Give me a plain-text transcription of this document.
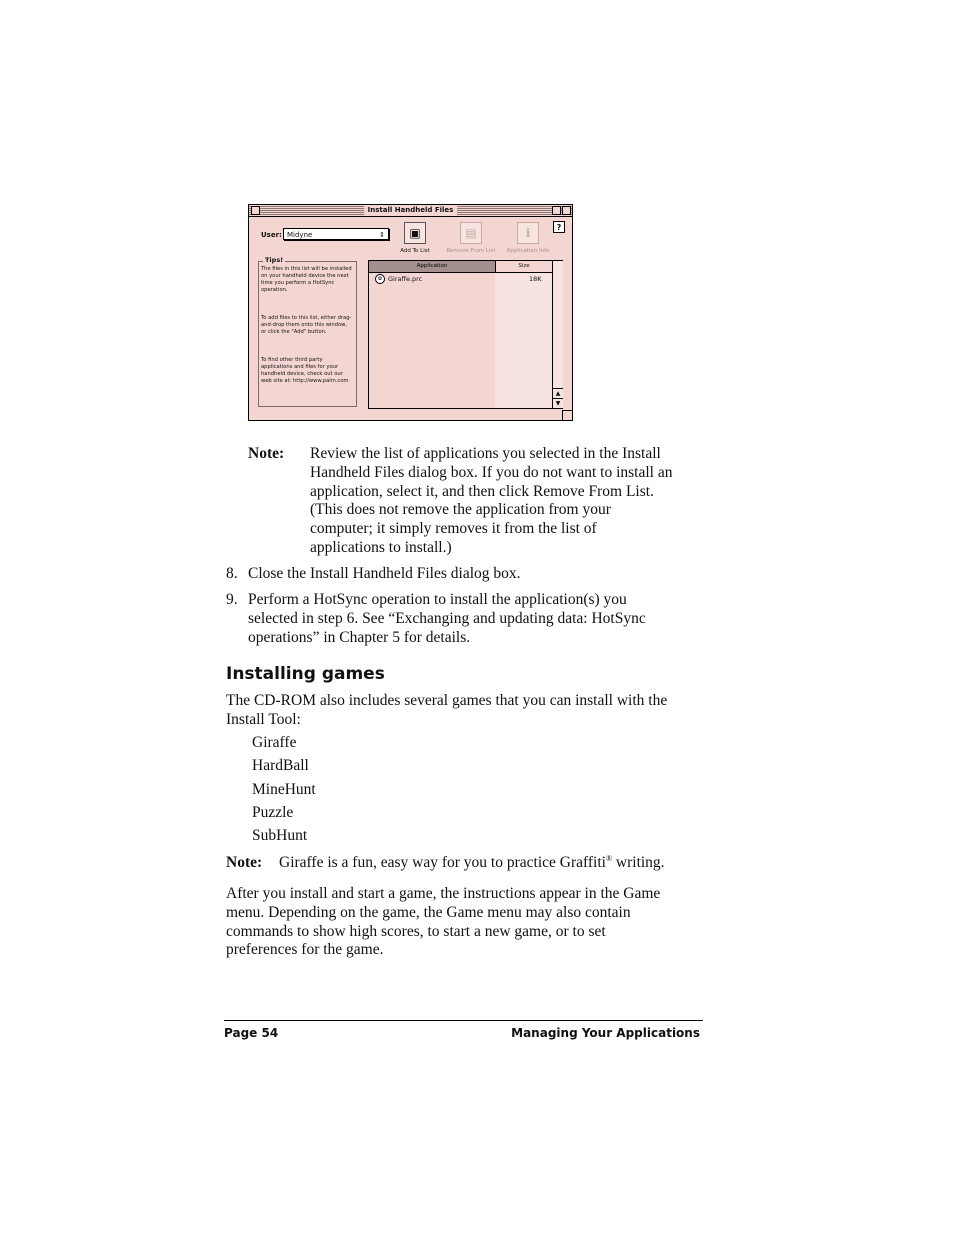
Install Handheld Files
User: Midyne	⇕	▣
Add To List
▤
Remove From List
ℹ
Application Info
?
Tips!
The files in this list will be installed on your handheld device the next time you perform a HotSync operation.
To add files to this list, either drag-and-drop them onto this window, or click the "Add" button.
To find other third party applications and files for your handheld device, check out our web site at: http://www.palm.com
Application	Size
✿ Giraffe.prc	18K
▲
▼
Note: Review the list of applications you selected in the Install
Handheld Files dialog box. If you do not want to install an
application, select it, and then click Remove From List.
(This does not remove the application from your
computer; it simply removes it from the list of
applications to install.)
8. Close the Install Handheld Files dialog box.
9. Perform a HotSync operation to install the application(s) you
selected in step 6. See “Exchanging and updating data: HotSync
operations” in Chapter 5 for details.
Installing games
The CD-ROM also includes several games that you can install with the
Install Tool:
Giraffe
HardBall
MineHunt
Puzzle
SubHunt
Note: Giraffe is a fun, easy way for you to practice Graffiti® writing.
After you install and start a game, the instructions appear in the Game
menu. Depending on the game, the Game menu may also contain
commands to show high scores, to start a new game, or to set
preferences for the game.
Page 54	Managing Your Applications
